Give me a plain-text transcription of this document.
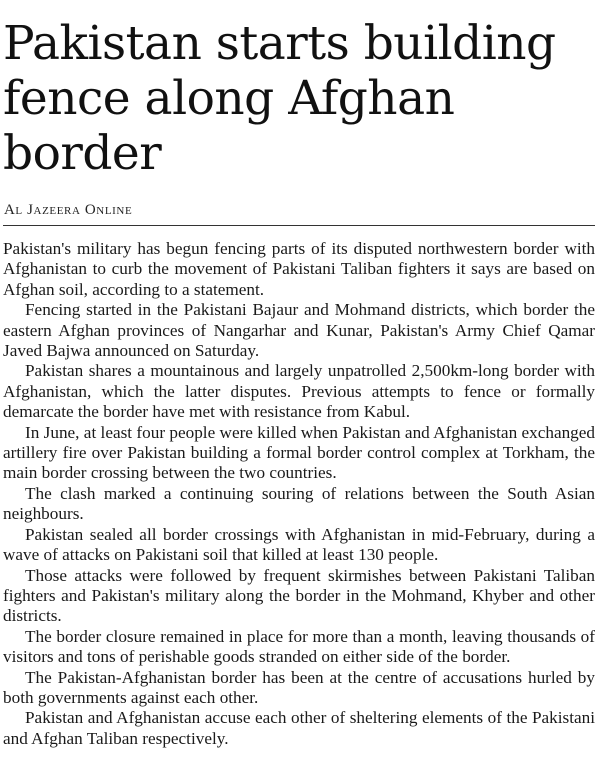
Pakistan starts building fence along Afghan border
Al Jazeera Online

Pakistan's military has begun fencing parts of its disputed northwestern border with Afghanistan to curb the movement of Pakistani Taliban fighters it says are based on Afghan soil, according to a statement.

Fencing started in the Pakistani Bajaur and Mohmand districts, which border the eastern Afghan provinces of Nangarhar and Kunar, Pakistan's Army Chief Qamar Javed Bajwa announced on Saturday.

Pakistan shares a mountainous and largely unpatrolled 2,500km-long border with Afghanistan, which the latter disputes. Previous attempts to fence or formally demarcate the border have met with resistance from Kabul.

In June, at least four people were killed when Pakistan and Afghanistan exchanged artillery fire over Pakistan building a formal border control complex at Torkham, the main border crossing between the two countries.

The clash marked a continuing souring of relations between the South Asian neighbours.

Pakistan sealed all border crossings with Afghanistan in mid-February, during a wave of attacks on Pakistani soil that killed at least 130 people.

Those attacks were followed by frequent skirmishes between Pakistani Taliban fighters and Pakistan's military along the border in the Mohmand, Khyber and other districts.

The border closure remained in place for more than a month, leaving thousands of visitors and tons of perishable goods stranded on either side of the border.

The Pakistan-Afghanistan border has been at the centre of accusations hurled by both governments against each other.

Pakistan and Afghanistan accuse each other of sheltering elements of the Pakistani and Afghan Taliban respectively.
